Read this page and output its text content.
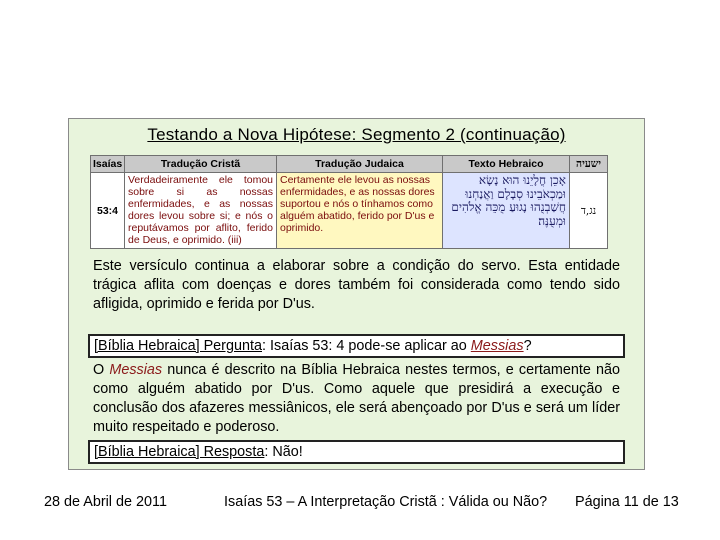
Testando a Nova Hipótese: Segmento 2 (continuação)
Isaías	Tradução Cristã	Tradução Judaica	Texto Hebraico	ישעיה
53:4	Verdadeiramente ele tomou sobre si as nossas enfermidades, e as nossas dores levou sobre si; e nós o reputávamos por aflito, ferido de Deus, e oprimido. (iii)	Certamente ele levou as nossas enfermidades, e as nossas dores suportou e nós o tínhamos como alguém abatido, ferido por D'us e oprimido.	אָכֵן חֳלָיֵנוּ הוּא נָשָׂא וּמַכְאֹבֵינוּ סְבָלָם וַאֲנַחְנוּ חֲשַׁבְנֻהוּ נָגוּעַ מֻכֵּה אֱלֹהִים וּמְעֻנֶּה׃	נג,ד
Este versículo continua a elaborar sobre a condição do servo. Esta entidade trágica aflita com doenças e dores também foi considerada como tendo sido afligida, oprimido e ferida por D'us.
[Bíblia Hebraica] Pergunta: Isaías 53: 4 pode-se aplicar ao Messias?
O Messias nunca é descrito na Bíblia Hebraica nestes termos, e certamente não como alguém abatido por D'us. Como aquele que presidirá a execução e conclusão dos afazeres messiânicos, ele será abençoado por D'us e será um líder muito respeitado e poderoso.
[Bíblia Hebraica] Resposta: Não!
28 de Abril de 2011	Isaías 53 – A Interpretação Cristã : Válida ou Não? Página 11 de 13
